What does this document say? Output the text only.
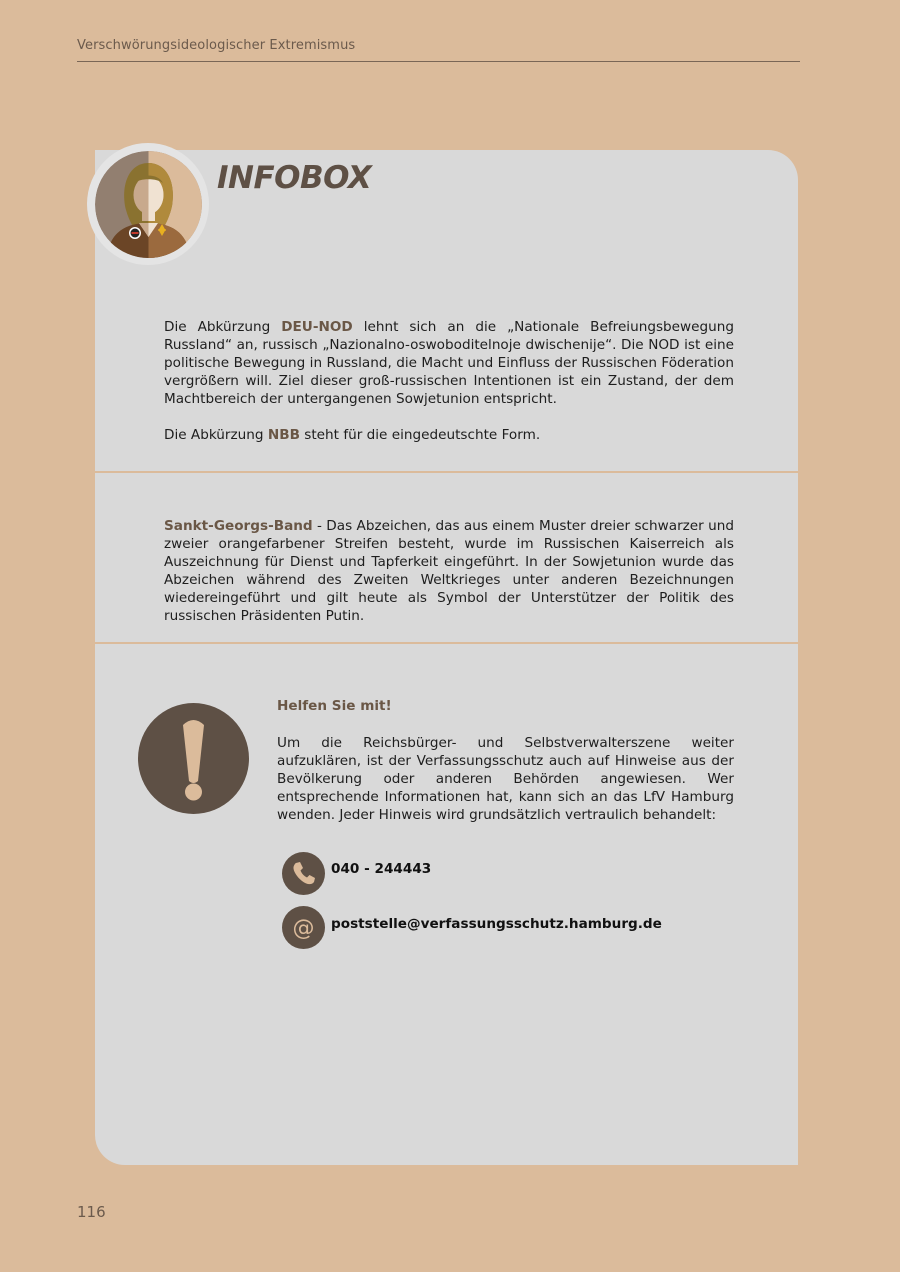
Verschwörungsideologischer Extremismus
INFOBOX

Die Abkürzung DEU-NOD lehnt sich an die „Nationale Befreiungsbewegung Russland“ an, russisch „Nazionalno-oswoboditelnoje dwischenije“. Die NOD ist eine politische Bewegung in Russland, die Macht und Einfluss der Russischen Föderation vergrößern will. Ziel dieser groß-russischen Intentionen ist ein Zustand, der dem Machtbereich der untergangenen Sowjetunion entspricht.

Die Abkürzung NBB steht für die eingedeutschte Form.

Sankt-Georgs-Band - Das Abzeichen, das aus einem Muster dreier schwarzer und zweier orangefarbener Streifen besteht, wurde im Russischen Kaiserreich als Auszeichnung für Dienst und Tapferkeit eingeführt. In der Sowjetunion wurde das Abzeichen während des Zweiten Weltkrieges unter anderen Bezeichnungen wiedereingeführt und gilt heute als Symbol der Unterstützer der Politik des russischen Präsidenten Putin.

Helfen Sie mit!

Um die Reichsbürger- und Selbstverwalterszene weiter aufzuklären, ist der Verfassungsschutz auch auf Hinweise aus der Bevölkerung oder anderen Behörden angewiesen. Wer entsprechende Informationen hat, kann sich an das LfV Hamburg wenden. Jeder Hinweis wird grundsätzlich vertraulich behandelt:

040 - 244443
@ poststelle@verfassungsschutz.hamburg.de
116
